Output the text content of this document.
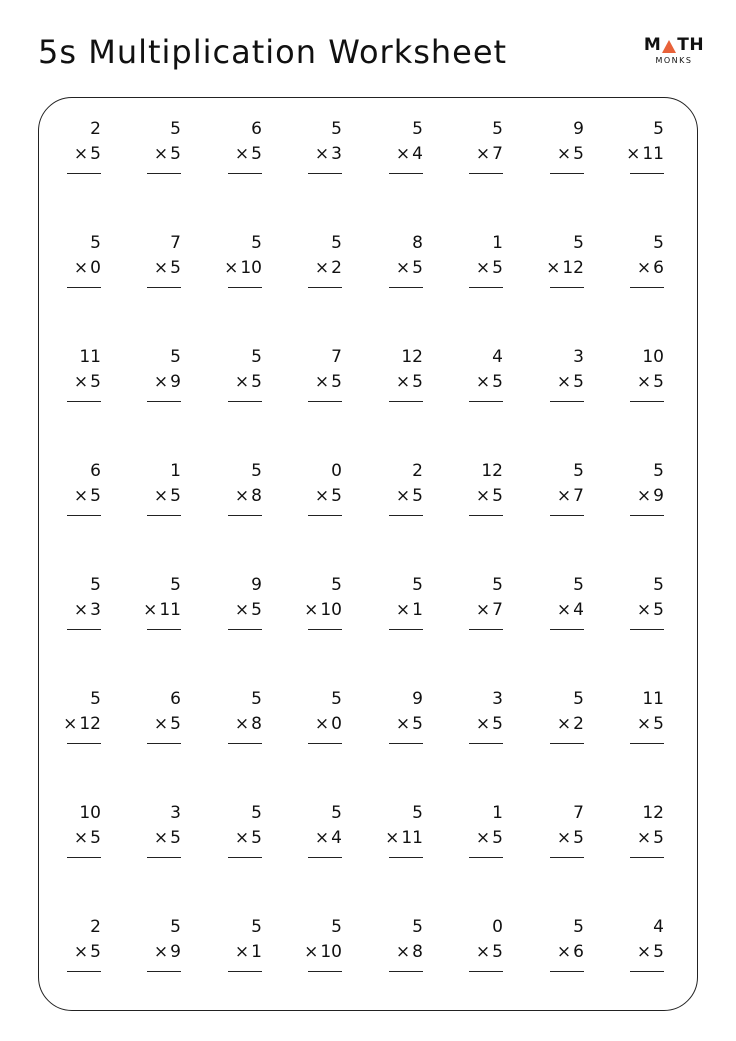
5s Multiplication Worksheet	M TH
MONKS
2
× 5
5
× 5
6
× 5
5
× 3
5
× 4
5
× 7
9
× 5
5
× 11
5
× 0
7
× 5
5
× 10
5
× 2
8
× 5
1
× 5
5
× 12
5
× 6
11
× 5
5
× 9
5
× 5
7
× 5
12
× 5
4
× 5
3
× 5
10
× 5
6
× 5
1
× 5
5
× 8
0
× 5
2
× 5
12
× 5
5
× 7
5
× 9
5
× 3
5
× 11
9
× 5
5
× 10
5
× 1
5
× 7
5
× 4
5
× 5
5
× 12
6
× 5
5
× 8
5
× 0
9
× 5
3
× 5
5
× 2
11
× 5
10
× 5
3
× 5
5
× 5
5
× 4
5
× 11
1
× 5
7
× 5
12
× 5
2
× 5
5
× 9
5
× 1
5
× 10
5
× 8
0
× 5
5
× 6
4
× 5
